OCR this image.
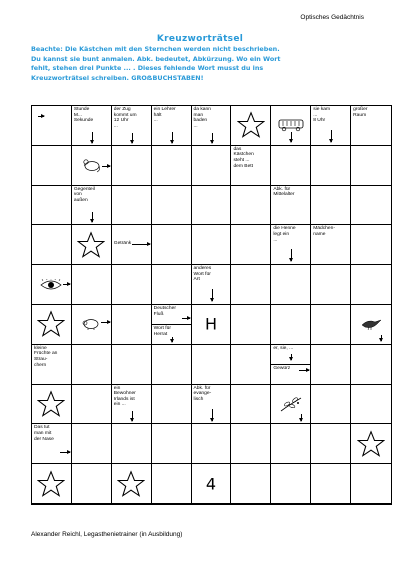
Optisches Gedächtnis
Kreuzworträtsel
Beachte: Die Kästchen mit den Sternchen werden nicht beschrieben.
Du kannst sie bunt anmalen. Abk. bedeutet, Abkürzung. Wo ein Wort
fehlt, stehen drei Punkte ... . Dieses fehlende Wort musst du ins
Kreuzworträtsel schreiben. GROẞBUCHSTABEN!
Stunde
M...
Sekunde
der Zug
kommt um
12 Uhr
...
ein Lehrer
hält
...
da kann
man
baden
...
sie kam
...
8 Uhr
großer
Raum
das
Kästchen
steht ...
dem Bett
Gegenteil
von
außen
Abk. für
Mittelalter
Getränk
die Henne
legt ein
...
Mädchen-
name
anderes
Wort für
Art
Deutscher
Fluß
Wort für
Herrat
H
kleine
Früchte an
Strau-
chern
er, sie, ...
Gewürz
ein
Bewohner
Irlands ist
ein ...
Abk. für
evange-
lisch
Das tut
man mit
der Nase
4
Alexander Reichl, Legasthenietrainer (in Ausbildung)
